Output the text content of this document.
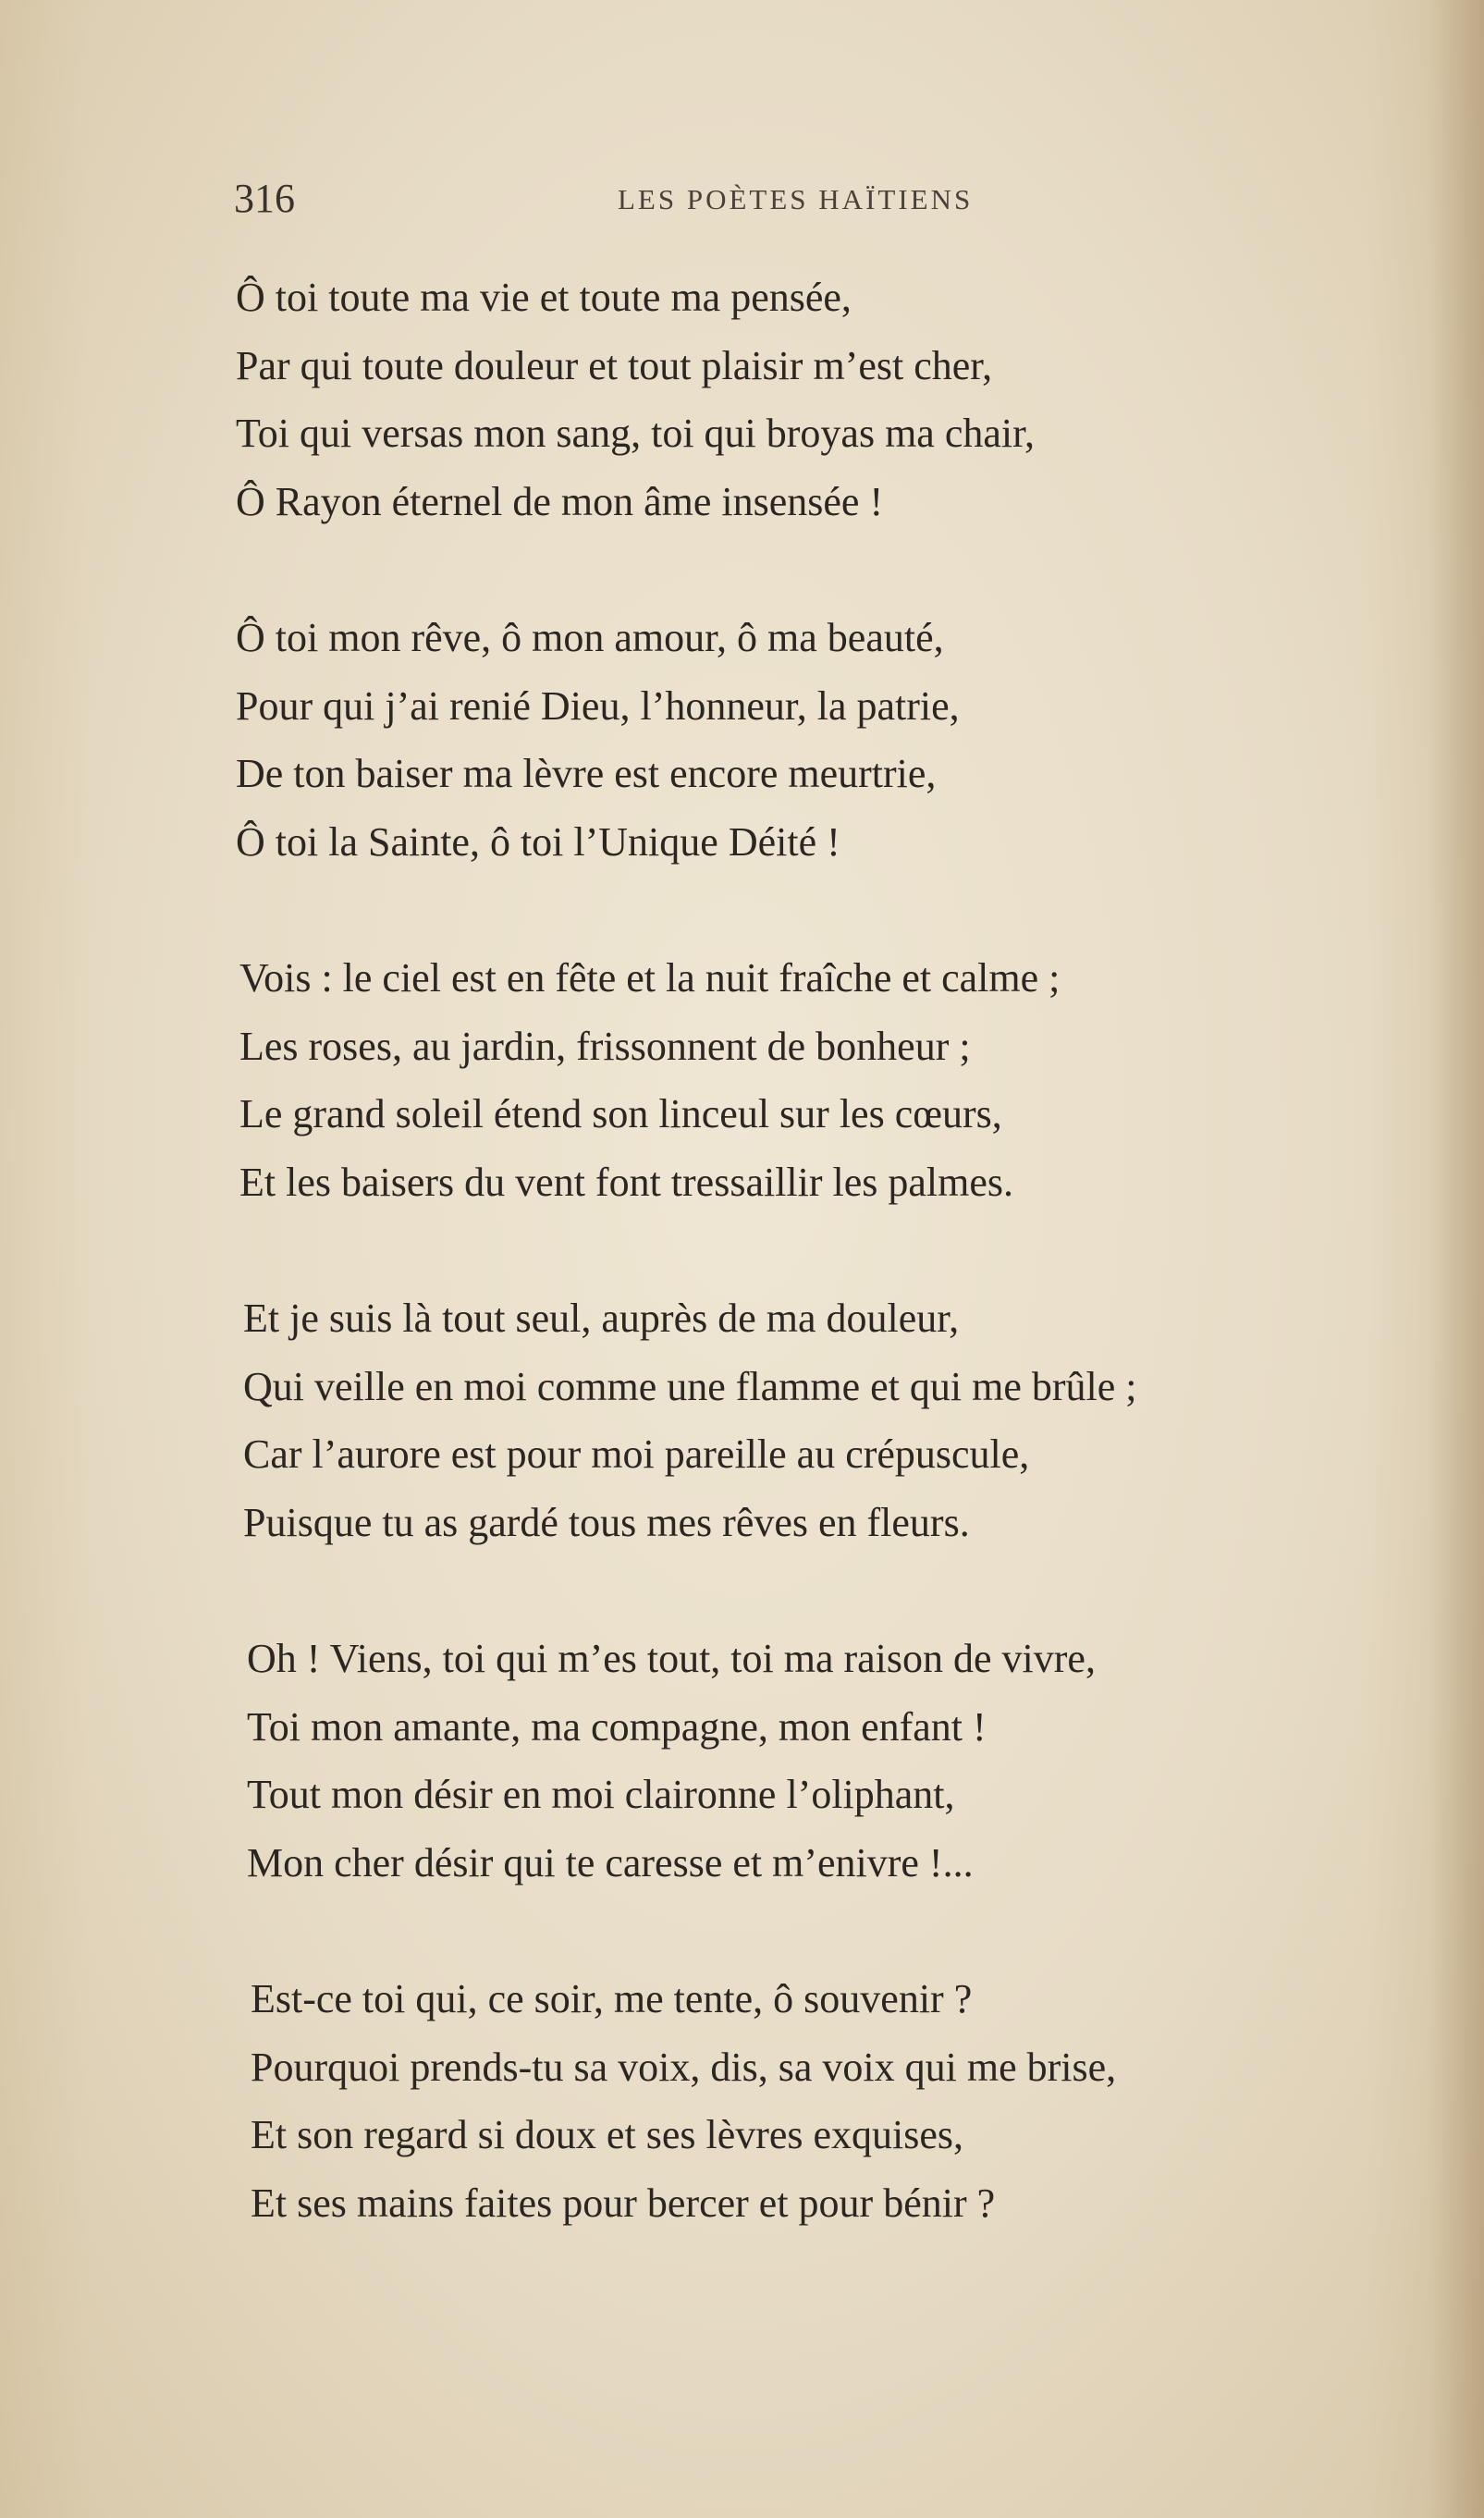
316	LES POÈTES HAÏTIENS
Ô toi toute ma vie et toute ma pensée,
Par qui toute douleur et tout plaisir m’est cher,
Toi qui versas mon sang, toi qui broyas ma chair,
Ô Rayon éternel de mon âme insensée !
Ô toi mon rêve, ô mon amour, ô ma beauté,
Pour qui j’ai renié Dieu, l’honneur, la patrie,
De ton baiser ma lèvre est encore meurtrie,
Ô toi la Sainte, ô toi l’Unique Déité !
Vois : le ciel est en fête et la nuit fraîche et calme ;
Les roses, au jardin, frissonnent de bonheur ;
Le grand soleil étend son linceul sur les cœurs,
Et les baisers du vent font tressaillir les palmes.
Et je suis là tout seul, auprès de ma douleur,
Qui veille en moi comme une flamme et qui me brûle ;
Car l’aurore est pour moi pareille au crépuscule,
Puisque tu as gardé tous mes rêves en fleurs.
Oh ! Viens, toi qui m’es tout, toi ma raison de vivre,
Toi mon amante, ma compagne, mon enfant !
Tout mon désir en moi claironne l’oliphant,
Mon cher désir qui te caresse et m’enivre !...
Est-ce toi qui, ce soir, me tente, ô souvenir ?
Pourquoi prends-tu sa voix, dis, sa voix qui me brise,
Et son regard si doux et ses lèvres exquises,
Et ses mains faites pour bercer et pour bénir ?
